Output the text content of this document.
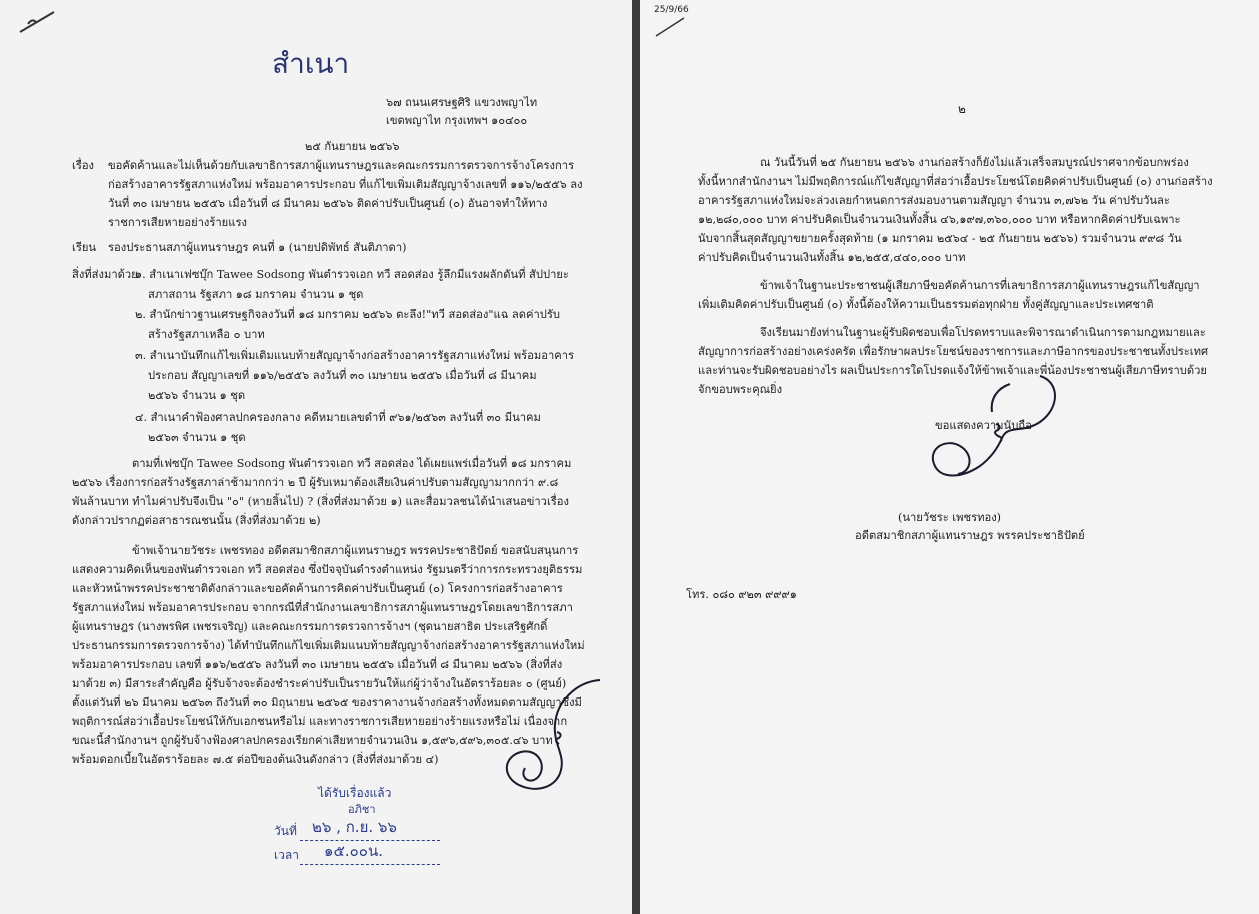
สำเนา
๖๗ ถนนเศรษฐศิริ แขวงพญาไท
เขตพญาไท กรุงเทพฯ ๑๐๔๐๐
๒๕ กันยายน ๒๕๖๖
เรื่อง ขอคัดค้านและไม่เห็นด้วยกับเลขาธิการสภาผู้แทนราษฎรและคณะกรรมการตรวจการจ้างโครงการ
ก่อสร้างอาคารรัฐสภาแห่งใหม่ พร้อมอาคารประกอบ ที่แก้ไขเพิ่มเติมสัญญาจ้างเลขที่ ๑๑๖/๒๕๕๖ ลง
วันที่ ๓๐ เมษายน ๒๕๕๖ เมื่อวันที่ ๘ มีนาคม ๒๕๖๖ ติดค่าปรับเป็นศูนย์ (๐) อันอาจทำให้ทาง
ราชการเสียหายอย่างร้ายแรง
เรียน รองประธานสภาผู้แทนราษฎร คนที่ ๑ (นายปดิพัทธ์ สันติภาดา)
สิ่งที่ส่งมาด้วย
๑. สำเนาเฟซบุ๊ก Tawee Sodsong พันตำรวจเอก ทวี สอดส่อง รู้ลึกมีแรงผลักดันที่ สัปปายะ
สภาสถาน รัฐสภา ๑๘ มกราคม จำนวน ๑ ชุด
๒. สำนักข่าวฐานเศรษฐกิจลงวันที่ ๑๘ มกราคม ๒๕๖๖ ตะลึง!"ทวี สอดส่อง"แฉ ลดค่าปรับ
สร้างรัฐสภาเหลือ ๐ บาท
๓. สำเนาบันทึกแก้ไขเพิ่มเติมแนบท้ายสัญญาจ้างก่อสร้างอาคารรัฐสภาแห่งใหม่ พร้อมอาคาร
ประกอบ สัญญาเลขที่ ๑๑๖/๒๕๕๖ ลงวันที่ ๓๐ เมษายน ๒๕๕๖ เมื่อวันที่ ๘ มีนาคม
๒๕๖๖ จำนวน ๑ ชุด
๔. สำเนาคำฟ้องศาลปกครองกลาง คดีหมายเลขดำที่ ๙๖๑/๒๕๖๓ ลงวันที่ ๓๐ มีนาคม
๒๕๖๓ จำนวน ๑ ชุด
ตามที่เฟซบุ๊ก Tawee Sodsong พันตำรวจเอก ทวี สอดส่อง ได้เผยแพร่เมื่อวันที่ ๑๘ มกราคม
๒๕๖๖ เรื่องการก่อสร้างรัฐสภาล่าช้ามากกว่า ๒ ปี ผู้รับเหมาต้องเสียเงินค่าปรับตามสัญญามากกว่า ๙.๘
พันล้านบาท ทำไมค่าปรับจึงเป็น "๐" (หายลิ้นไป) ? (สิ่งที่ส่งมาด้วย ๑) และสื่อมวลชนได้นำเสนอข่าวเรื่อง
ดังกล่าวปรากฏต่อสาธารณชนนั้น (สิ่งที่ส่งมาด้วย ๒)
ข้าพเจ้านายวัชระ เพชรทอง อดีตสมาชิกสภาผู้แทนราษฎร พรรคประชาธิปัตย์ ขอสนับสนุนการ
แสดงความคิดเห็นของพันตำรวจเอก ทวี สอดส่อง ซึ่งปัจจุบันดำรงตำแหน่ง รัฐมนตรีว่าการกระทรวงยุติธรรม
และหัวหน้าพรรคประชาชาติดังกล่าวและขอคัดค้านการคิดค่าปรับเป็นศูนย์ (๐) โครงการก่อสร้างอาคาร
รัฐสภาแห่งใหม่ พร้อมอาคารประกอบ จากกรณีที่สำนักงานเลขาธิการสภาผู้แทนราษฎรโดยเลขาธิการสภา
ผู้แทนราษฎร (นางพรพิศ เพชรเจริญ) และคณะกรรมการตรวจการจ้างฯ (ชุดนายสาธิต ประเสริฐศักดิ์
ประธานกรรมการตรวจการจ้าง) ได้ทำบันทึกแก้ไขเพิ่มเติมแนบท้ายสัญญาจ้างก่อสร้างอาคารรัฐสภาแห่งใหม่
พร้อมอาคารประกอบ เลขที่ ๑๑๖/๒๕๕๖ ลงวันที่ ๓๐ เมษายน ๒๕๕๖ เมื่อวันที่ ๘ มีนาคม ๒๕๖๖ (สิ่งที่ส่ง
มาด้วย ๓) มีสาระสำคัญคือ ผู้รับจ้างจะต้องชำระค่าปรับเป็นรายวันให้แก่ผู้ว่าจ้างในอัตราร้อยละ ๐ (ศูนย์)
ตั้งแต่วันที่ ๒๖ มีนาคม ๒๕๖๓ ถึงวันที่ ๓๐ มิถุนายน ๒๕๖๕ ของราคางานจ้างก่อสร้างทั้งหมดตามสัญญาซึ่งมี
พฤติการณ์ส่อว่าเอื้อประโยชน์ให้กับเอกชนหรือไม่ และทางราชการเสียหายอย่างร้ายแรงหรือไม่ เนื่องจาก
ขณะนี้สำนักงานฯ ถูกผู้รับจ้างฟ้องศาลปกครองเรียกค่าเสียหายจำนวนเงิน ๑,๕๙๖,๕๙๖,๓๐๕.๔๖ บาท
พร้อมดอกเบี้ยในอัตราร้อยละ ๗.๕ ต่อปีของต้นเงินดังกล่าว (สิ่งที่ส่งมาด้วย ๔)
ได้รับเรื่องแล้ว
อภิชา
วันที่ ๒๖ , ก.ย. ๖๖
เวลา ๑๕.๐๐น.
25/9/66
๒
ณ วันนี้วันที่ ๒๕ กันยายน ๒๕๖๖ งานก่อสร้างก็ยังไม่แล้วเสร็จสมบูรณ์ปราศจากข้อบกพร่อง
ทั้งนี้หากสำนักงานฯ ไม่มีพฤติการณ์แก้ไขสัญญาที่ส่อว่าเอื้อประโยชน์โดยคิดค่าปรับเป็นศูนย์ (๐) งานก่อสร้าง
อาคารรัฐสภาแห่งใหม่จะล่วงเลยกำหนดการส่งมอบงานตามสัญญา จำนวน ๓,๗๖๒ วัน ค่าปรับวันละ
๑๒,๒๘๐,๐๐๐ บาท ค่าปรับคิดเป็นจำนวนเงินทั้งสิ้น ๔๖,๑๙๗,๓๖๐,๐๐๐ บาท หรือหากคิดค่าปรับเฉพาะ
นับจากสิ้นสุดสัญญาขยายครั้งสุดท้าย (๑ มกราคม ๒๕๖๔ - ๒๕ กันยายน ๒๕๖๖) รวมจำนวน ๙๙๘ วัน
ค่าปรับคิดเป็นจำนวนเงินทั้งสิ้น ๑๒,๒๕๕,๔๔๐,๐๐๐ บาท
ข้าพเจ้าในฐานะประชาชนผู้เสียภาษีขอคัดค้านการที่เลขาธิการสภาผู้แทนราษฎรแก้ไขสัญญา
เพิ่มเติมคิดค่าปรับเป็นศูนย์ (๐) ทั้งนี้ต้องให้ความเป็นธรรมต่อทุกฝ่าย ทั้งคู่สัญญาและประเทศชาติ
จึงเรียนมายังท่านในฐานะผู้รับผิดชอบเพื่อโปรดทราบและพิจารณาดำเนินการตามกฎหมายและ
สัญญาการก่อสร้างอย่างเคร่งครัด เพื่อรักษาผลประโยชน์ของราชการและภาษีอากรของประชาชนทั้งประเทศ
และท่านจะรับผิดชอบอย่างไร ผลเป็นประการใดโปรดแจ้งให้ข้าพเจ้าและพี่น้องประชาชนผู้เสียภาษีทราบด้วย
จักขอบพระคุณยิ่ง
ขอแสดงความนับถือ
(นายวัชระ เพชรทอง)
อดีตสมาชิกสภาผู้แทนราษฎร พรรคประชาธิปัตย์
โทร. ๐๘๐ ๙๒๓ ๙๙๙๑
